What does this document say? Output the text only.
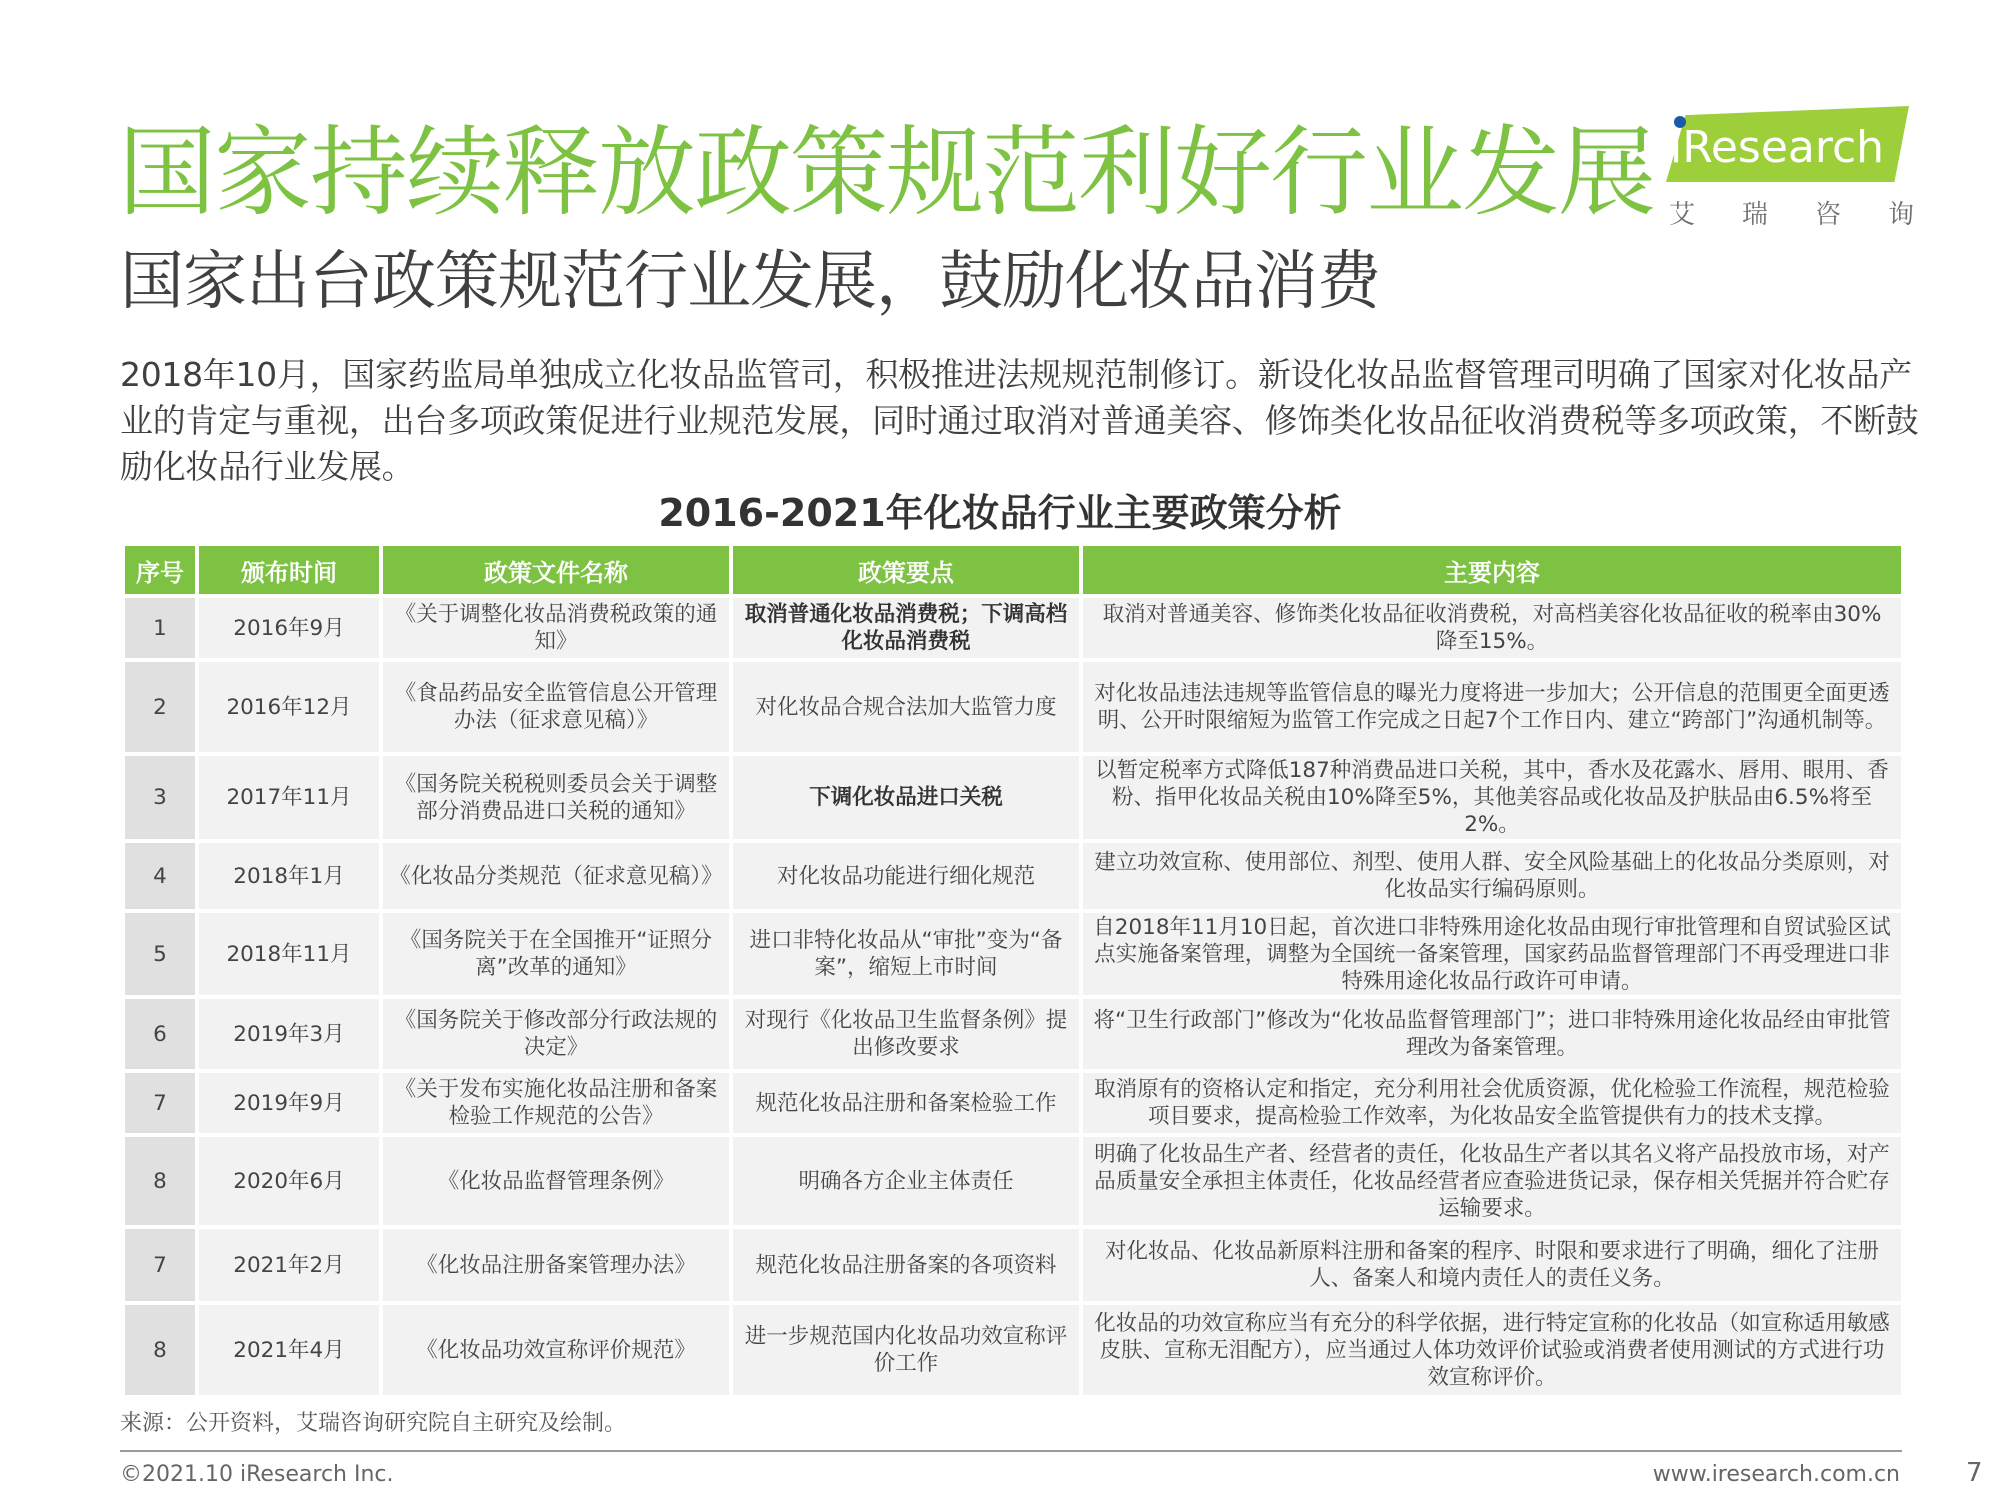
国家持续释放政策规范利好行业发展
国家出台政策规范行业发展，鼓励化妆品消费
iResearch
艾 瑞 咨 询
2018年10月，国家药监局单独成立化妆品监管司，积极推进法规规范制修订。新设化妆品监督管理司明确了国家对化妆品产业的肯定与重视，出台多项政策促进行业规范发展，同时通过取消对普通美容、修饰类化妆品征收消费税等多项政策，不断鼓励化妆品行业发展。
2016-2021年化妆品行业主要政策分析
序号	颁布时间	政策文件名称	政策要点	主要内容
1	2016年9月	《关于调整化妆品消费税政策的通知》	取消普通化妆品消费税；下调高档化妆品消费税	取消对普通美容、修饰类化妆品征收消费税，对高档美容化妆品征收的税率由30%降至15%。
2	2016年12月	《食品药品安全监管信息公开管理办法（征求意见稿）》	对化妆品合规合法加大监管力度	对化妆品违法违规等监管信息的曝光力度将进一步加大；公开信息的范围更全面更透明、公开时限缩短为监管工作完成之日起7个工作日内、建立“跨部门”沟通机制等。
3	2017年11月	《国务院关税税则委员会关于调整部分消费品进口关税的通知》	下调化妆品进口关税	以暂定税率方式降低187种消费品进口关税，其中，香水及花露水、唇用、眼用、香粉、指甲化妆品关税由10%降至5%，其他美容品或化妆品及护肤品由6.5%将至2%。
4	2018年1月	《化妆品分类规范（征求意见稿）》	对化妆品功能进行细化规范	建立功效宣称、使用部位、剂型、使用人群、安全风险基础上的化妆品分类原则，对化妆品实行编码原则。
5	2018年11月	《国务院关于在全国推开“证照分离”改革的通知》	进口非特化妆品从“审批”变为“备案”，缩短上市时间	自2018年11月10日起，首次进口非特殊用途化妆品由现行审批管理和自贸试验区试点实施备案管理，调整为全国统一备案管理，国家药品监督管理部门不再受理进口非特殊用途化妆品行政许可申请。
6	2019年3月	《国务院关于修改部分行政法规的决定》	对现行《化妆品卫生监督条例》提出修改要求	将“卫生行政部门”修改为“化妆品监督管理部门”；进口非特殊用途化妆品经由审批管理改为备案管理。
7	2019年9月	《关于发布实施化妆品注册和备案检验工作规范的公告》	规范化妆品注册和备案检验工作	取消原有的资格认定和指定，充分利用社会优质资源，优化检验工作流程，规范检验项目要求，提高检验工作效率，为化妆品安全监管提供有力的技术支撑。
8	2020年6月	《化妆品监督管理条例》	明确各方企业主体责任	明确了化妆品生产者、经营者的责任，化妆品生产者以其名义将产品投放市场，对产品质量安全承担主体责任，化妆品经营者应查验进货记录，保存相关凭据并符合贮存运输要求。
7	2021年2月	《化妆品注册备案管理办法》	规范化妆品注册备案的各项资料	对化妆品、化妆品新原料注册和备案的程序、时限和要求进行了明确，细化了注册人、备案人和境内责任人的责任义务。
8	2021年4月	《化妆品功效宣称评价规范》	进一步规范国内化妆品功效宣称评价工作	化妆品的功效宣称应当有充分的科学依据，进行特定宣称的化妆品（如宣称适用敏感皮肤、宣称无泪配方），应当通过人体功效评价试验或消费者使用测试的方式进行功效宣称评价。
来源：公开资料，艾瑞咨询研究院自主研究及绘制。
©2021.10 iResearch Inc.	www.iresearch.com.cn	7
